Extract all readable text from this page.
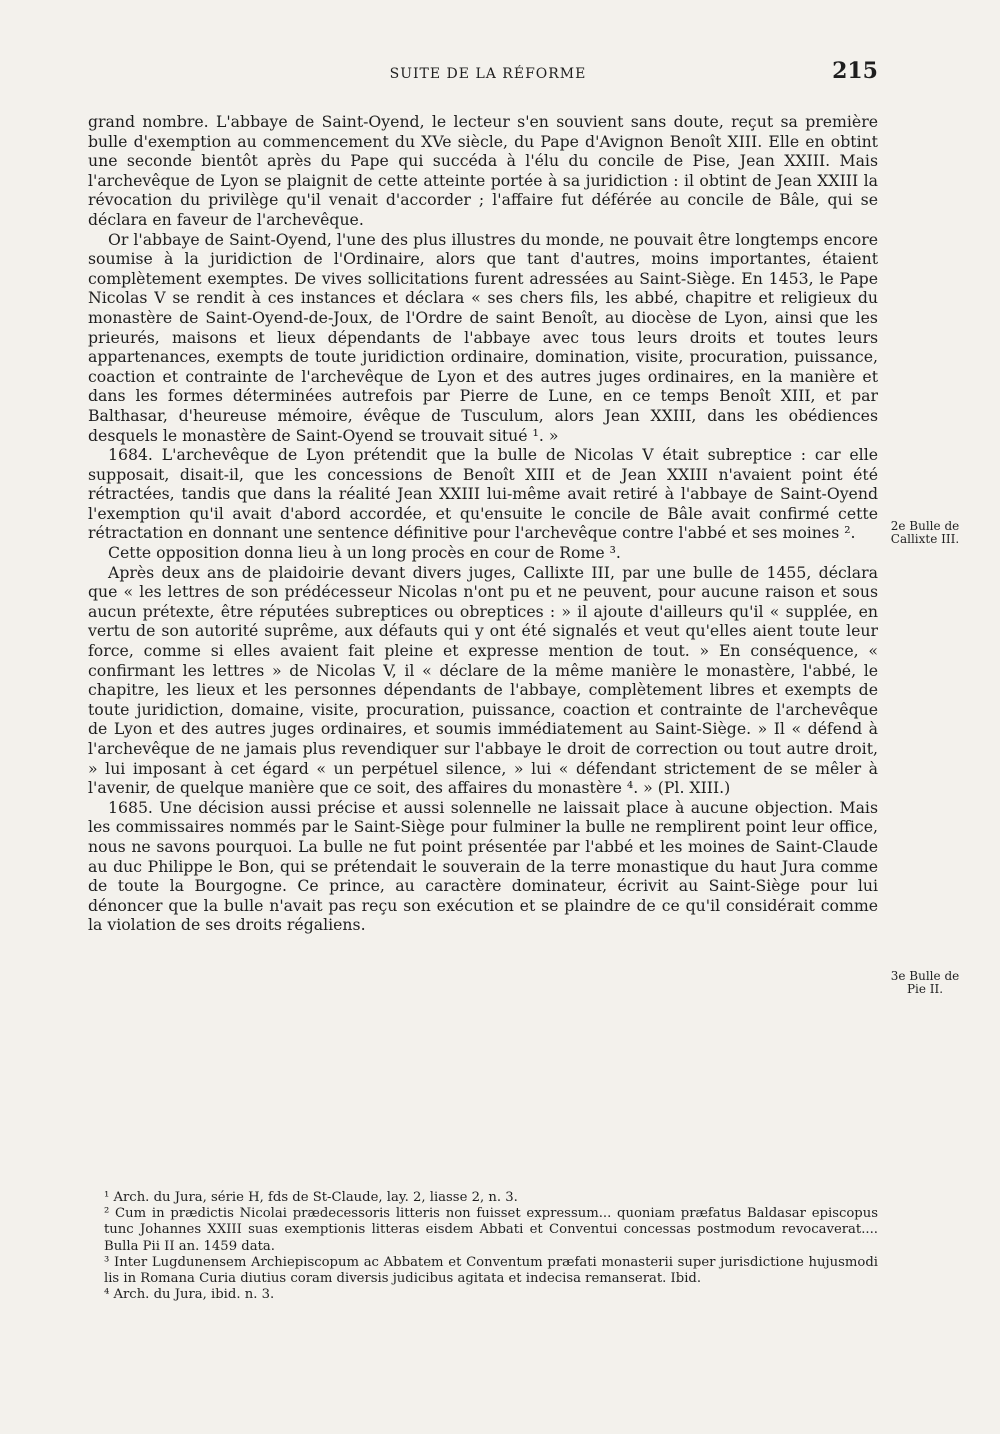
SUITE DE LA RÉFORME	215

grand nombre. L'abbaye de Saint-Oyend, le lecteur s'en souvient sans doute, reçut sa première bulle d'exemption au commencement du XVe siècle, du Pape d'Avignon Benoît XIII. Elle en obtint une seconde bientôt après du Pape qui succéda à l'élu du concile de Pise, Jean XXIII. Mais l'archevêque de Lyon se plaignit de cette atteinte portée à sa juridiction : il obtint de Jean XXIII la révocation du privilège qu'il venait d'accorder ; l'affaire fut déférée au concile de Bâle, qui se déclara en faveur de l'archevêque.

Or l'abbaye de Saint-Oyend, l'une des plus illustres du monde, ne pouvait être longtemps encore soumise à la juridiction de l'Ordinaire, alors que tant d'autres, moins importantes, étaient complètement exemptes. De vives sollicitations furent adressées au Saint-Siège. En 1453, le Pape Nicolas V se rendit à ces instances et déclara « ses chers fils, les abbé, chapitre et religieux du monastère de Saint-Oyend-de-Joux, de l'Ordre de saint Benoît, au diocèse de Lyon, ainsi que les prieurés, maisons et lieux dépendants de l'abbaye avec tous leurs droits et toutes leurs appartenances, exempts de toute juridiction ordinaire, domination, visite, procuration, puissance, coaction et contrainte de l'archevêque de Lyon et des autres juges ordinaires, en la manière et dans les formes déterminées autrefois par Pierre de Lune, en ce temps Benoît XIII, et par Balthasar, d'heureuse mémoire, évêque de Tusculum, alors Jean XXIII, dans les obédiences desquels le monastère de Saint-Oyend se trouvait situé ¹. »

1684. L'archevêque de Lyon prétendit que la bulle de Nicolas V était subreptice : car elle supposait, disait-il, que les concessions de Benoît XIII et de Jean XXIII n'avaient point été rétractées, tandis que dans la réalité Jean XXIII lui-même avait retiré à l'abbaye de Saint-Oyend l'exemption qu'il avait d'abord accordée, et qu'ensuite le concile de Bâle avait confirmé cette rétractation en donnant une sentence définitive pour l'archevêque contre l'abbé et ses moines ².

Cette opposition donna lieu à un long procès en cour de Rome ³.

Après deux ans de plaidoirie devant divers juges, Callixte III, par une bulle de 1455, déclara que « les lettres de son prédécesseur Nicolas n'ont pu et ne peuvent, pour aucune raison et sous aucun prétexte, être réputées subreptices ou obreptices : » il ajoute d'ailleurs qu'il « supplée, en vertu de son autorité suprême, aux défauts qui y ont été signalés et veut qu'elles aient toute leur force, comme si elles avaient fait pleine et expresse mention de tout. » En conséquence, « confirmant les lettres » de Nicolas V, il « déclare de la même manière le monastère, l'abbé, le chapitre, les lieux et les personnes dépendants de l'abbaye, complètement libres et exempts de toute juridiction, domaine, visite, procuration, puissance, coaction et contrainte de l'archevêque de Lyon et des autres juges ordinaires, et soumis immédiatement au Saint-Siège. » Il « défend à l'archevêque de ne jamais plus revendiquer sur l'abbaye le droit de correction ou tout autre droit, » lui imposant à cet égard « un perpétuel silence, » lui « défendant strictement de se mêler à l'avenir, de quelque manière que ce soit, des affaires du monastère ⁴. » (Pl. XIII.)

1685. Une décision aussi précise et aussi solennelle ne laissait place à aucune objection. Mais les commissaires nommés par le Saint-Siège pour fulminer la bulle ne remplirent point leur office, nous ne savons pourquoi. La bulle ne fut point présentée par l'abbé et les moines de Saint-Claude au duc Philippe le Bon, qui se prétendait le souverain de la terre monastique du haut Jura comme de toute la Bourgogne. Ce prince, au caractère dominateur, écrivit au Saint-Siège pour lui dénoncer que la bulle n'avait pas reçu son exécution et se plaindre de ce qu'il considérait comme la violation de ses droits régaliens.

2e Bulle de Callixte III.
3e Bulle de Pie II.

¹ Arch. du Jura, série H, fds de St-Claude, lay. 2, liasse 2, n. 3.

² Cum in prædictis Nicolai prædecessoris litteris non fuisset expressum... quoniam præfatus Baldasar episcopus tunc Johannes XXIII suas exemptionis litteras eisdem Abbati et Conventui concessas postmodum revocaverat.... Bulla Pii II an. 1459 data.

³ Inter Lugdunensem Archiepiscopum ac Abbatem et Conventum præfati monasterii super jurisdictione hujusmodi lis in Romana Curia diutius coram diversis judicibus agitata et indecisa remanserat. Ibid.

⁴ Arch. du Jura, ibid. n. 3.
